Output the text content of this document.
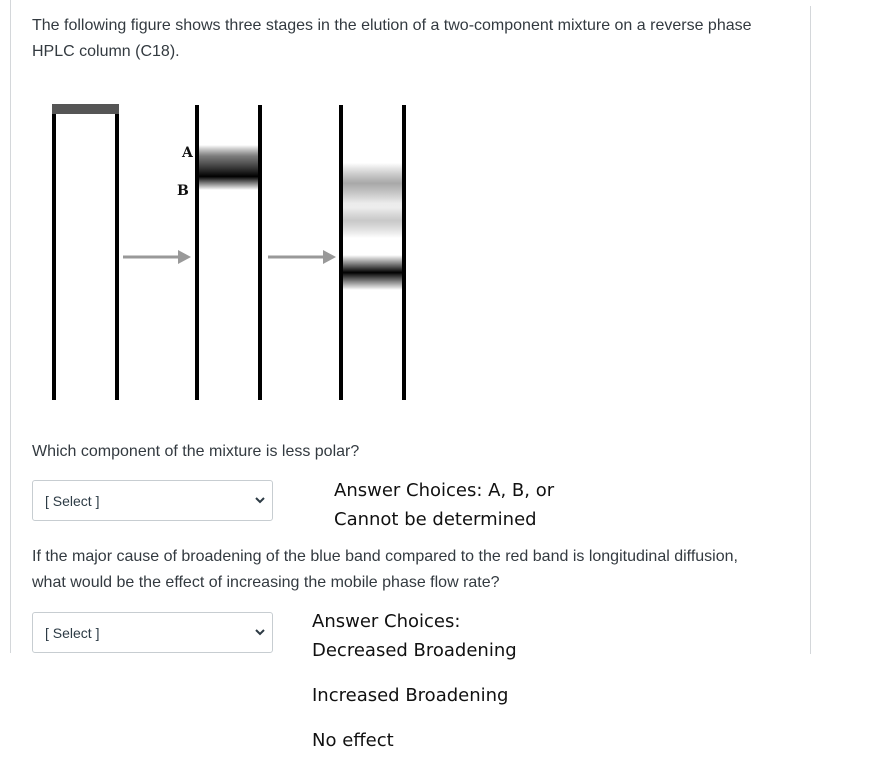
The following figure shows three stages in the elution of a two-component mixture on a reverse phase HPLC column (C18).
A
B
Which component of the mixture is less polar?
[ Select ]	Answer Choices: A, B, or
Cannot be determined
If the major cause of broadening of the blue band compared to the red band is longitudinal diffusion, what would be the effect of increasing the mobile phase flow rate?
[ Select ]
Answer Choices:
Decreased Broadening
Increased Broadening
No effect
